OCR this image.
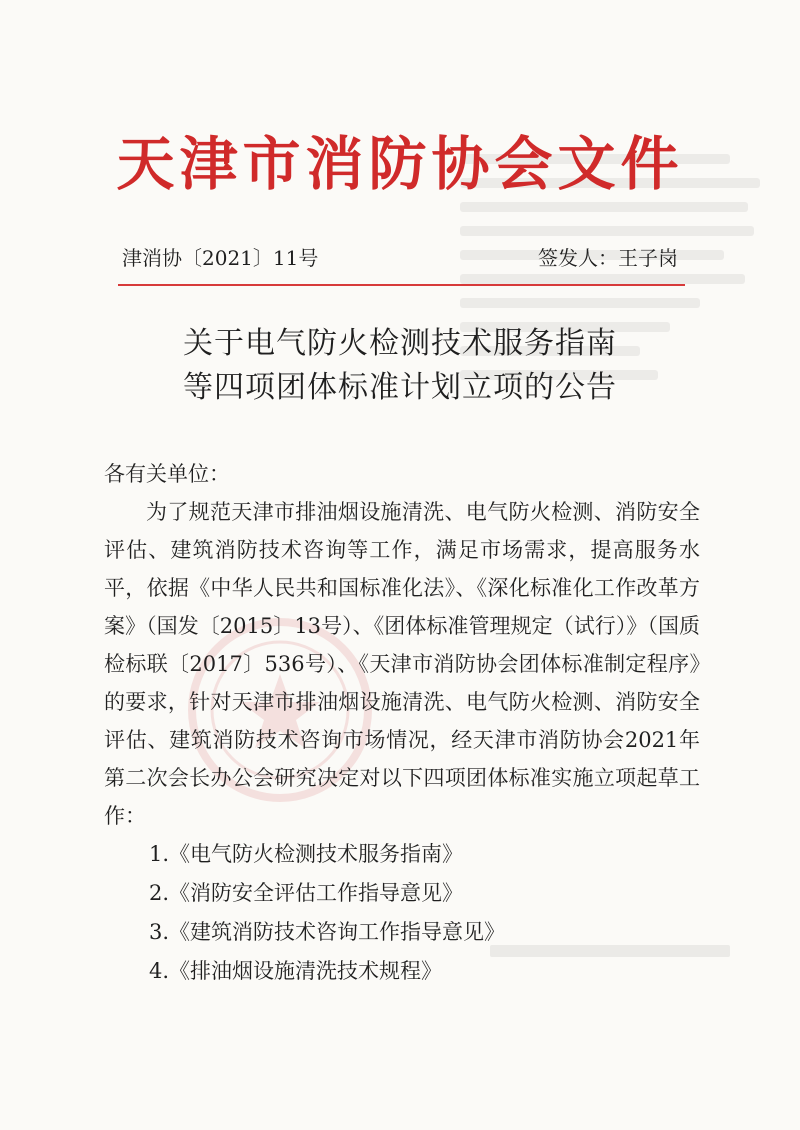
天津市消防协会文件
津消协〔2021〕11号	签发人：王子岗
关于电气防火检测技术服务指南
等四项团体标准计划立项的公告

各有关单位：

为了规范天津市排油烟设施清洗、电气防火检测、消防安全评估、建筑消防技术咨询等工作，满足市场需求，提高服务水平，依据《中华人民共和国标准化法》、《深化标准化工作改革方案》（国发〔2015〕13号）、《团体标准管理规定（试行）》（国质检标联〔2017〕536号）、《天津市消防协会团体标准制定程序》的要求，针对天津市排油烟设施清洗、电气防火检测、消防安全评估、建筑消防技术咨询市场情况，经天津市消防协会2021年第二次会长办公会研究决定对以下四项团体标准实施立项起草工作：

1.《电气防火检测技术服务指南》
2.《消防安全评估工作指导意见》
3.《建筑消防技术咨询工作指导意见》
4.《排油烟设施清洗技术规程》
